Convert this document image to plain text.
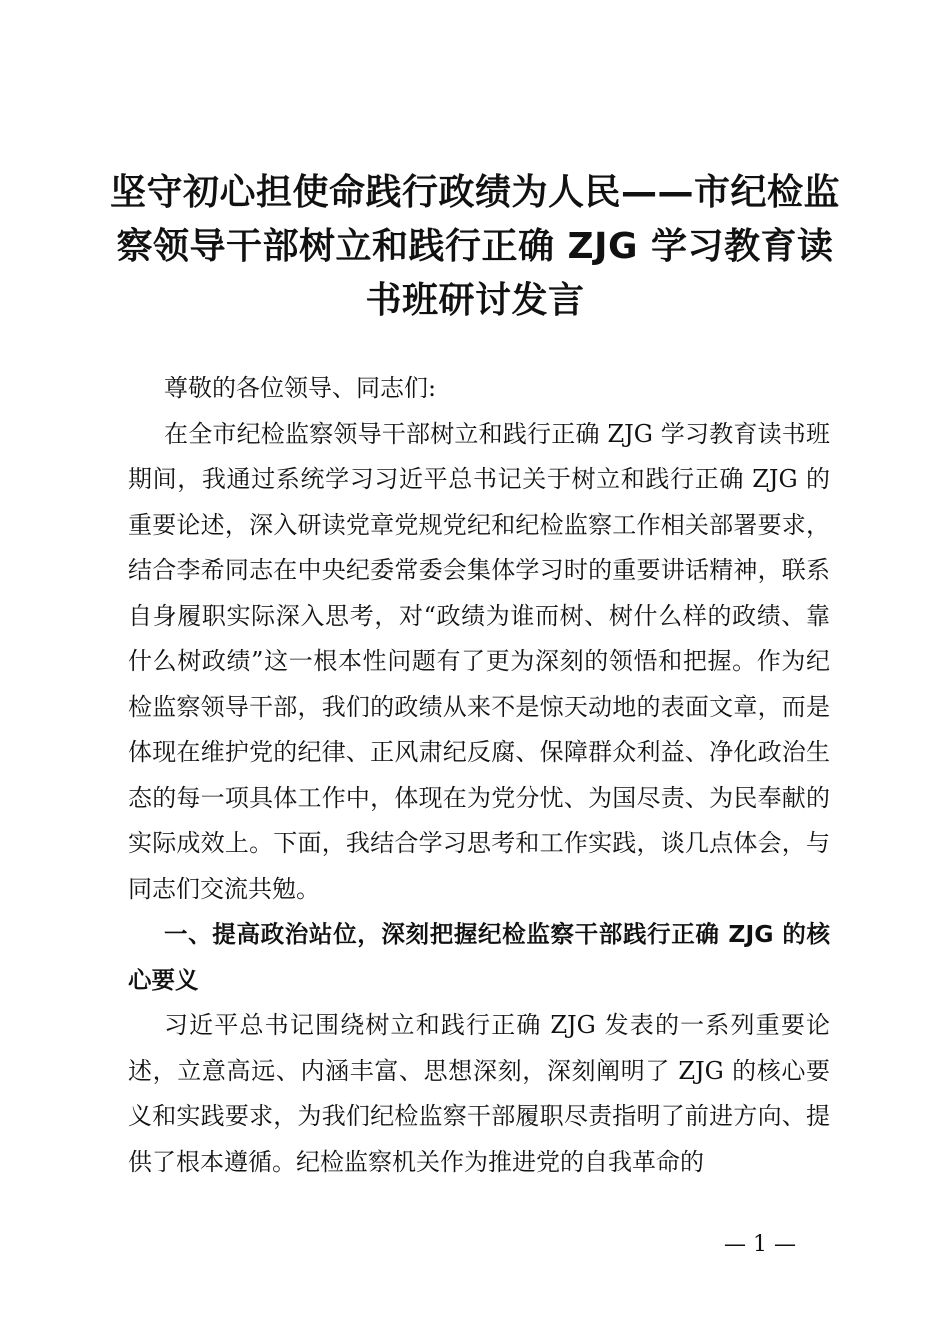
坚守初心担使命践行政绩为人民——市纪检监察领导干部树立和践行正确 ZJG 学习教育读书班研讨发言

尊敬的各位领导、同志们:

在全市纪检监察领导干部树立和践行正确 ZJG 学习教育读书班期间，我通过系统学习习近平总书记关于树立和践行正确 ZJG 的重要论述，深入研读党章党规党纪和纪检监察工作相关部署要求，结合李希同志在中央纪委常委会集体学习时的重要讲话精神，联系自身履职实际深入思考，对“政绩为谁而树、树什么样的政绩、靠什么树政绩”这一根本性问题有了更为深刻的领悟和把握。作为纪检监察领导干部，我们的政绩从来不是惊天动地的表面文章，而是体现在维护党的纪律、正风肃纪反腐、保障群众利益、净化政治生态的每一项具体工作中，体现在为党分忧、为国尽责、为民奉献的实际成效上。下面，我结合学习思考和工作实践，谈几点体会，与同志们交流共勉。

一、提高政治站位，深刻把握纪检监察干部践行正确 ZJG 的核心要义

习近平总书记围绕树立和践行正确 ZJG 发表的一系列重要论述，立意高远、内涵丰富、思想深刻，深刻阐明了 ZJG 的核心要义和实践要求，为我们纪检监察干部履职尽责指明了前进方向、提供了根本遵循。纪检监察机关作为推进党的自我革命的

— 1 —
